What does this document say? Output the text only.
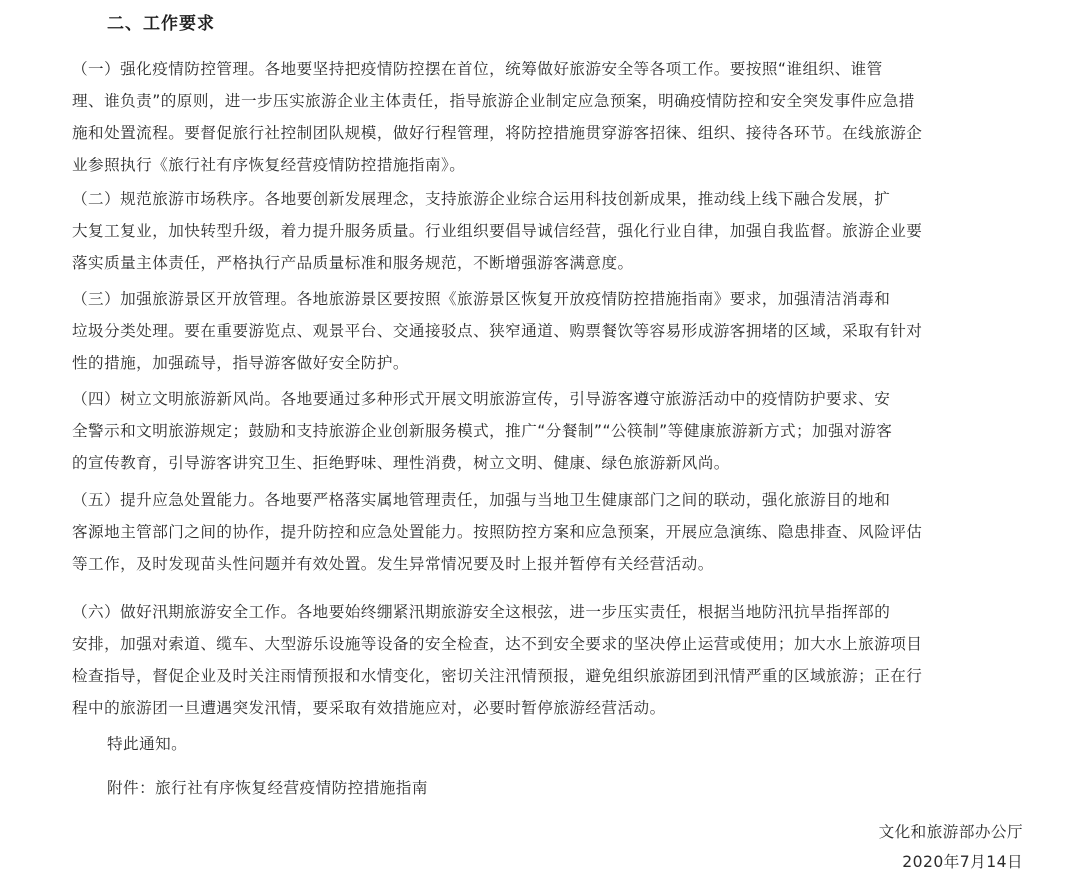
二、工作要求
（一）强化疫情防控管理。各地要坚持把疫情防控摆在首位，统筹做好旅游安全等各项工作。要按照“谁组织、谁管
理、谁负责”的原则，进一步压实旅游企业主体责任，指导旅游企业制定应急预案，明确疫情防控和安全突发事件应急措
施和处置流程。要督促旅行社控制团队规模，做好行程管理，将防控措施贯穿游客招徕、组织、接待各环节。在线旅游企
业参照执行《旅行社有序恢复经营疫情防控措施指南》。
（二）规范旅游市场秩序。各地要创新发展理念，支持旅游企业综合运用科技创新成果，推动线上线下融合发展，扩
大复工复业，加快转型升级，着力提升服务质量。行业组织要倡导诚信经营，强化行业自律，加强自我监督。旅游企业要
落实质量主体责任，严格执行产品质量标准和服务规范，不断增强游客满意度。
（三）加强旅游景区开放管理。各地旅游景区要按照《旅游景区恢复开放疫情防控措施指南》要求，加强清洁消毒和
垃圾分类处理。要在重要游览点、观景平台、交通接驳点、狭窄通道、购票餐饮等容易形成游客拥堵的区域，采取有针对
性的措施，加强疏导，指导游客做好安全防护。
（四）树立文明旅游新风尚。各地要通过多种形式开展文明旅游宣传，引导游客遵守旅游活动中的疫情防护要求、安
全警示和文明旅游规定；鼓励和支持旅游企业创新服务模式，推广“分餐制”“公筷制”等健康旅游新方式；加强对游客
的宣传教育，引导游客讲究卫生、拒绝野味、理性消费，树立文明、健康、绿色旅游新风尚。
（五）提升应急处置能力。各地要严格落实属地管理责任，加强与当地卫生健康部门之间的联动，强化旅游目的地和
客源地主管部门之间的协作，提升防控和应急处置能力。按照防控方案和应急预案，开展应急演练、隐患排查、风险评估
等工作，及时发现苗头性问题并有效处置。发生异常情况要及时上报并暂停有关经营活动。
（六）做好汛期旅游安全工作。各地要始终绷紧汛期旅游安全这根弦，进一步压实责任，根据当地防汛抗旱指挥部的
安排，加强对索道、缆车、大型游乐设施等设备的安全检查，达不到安全要求的坚决停止运营或使用；加大水上旅游项目
检查指导，督促企业及时关注雨情预报和水情变化，密切关注汛情预报，避免组织旅游团到汛情严重的区域旅游；正在行
程中的旅游团一旦遭遇突发汛情，要采取有效措施应对，必要时暂停旅游经营活动。
特此通知。
附件：旅行社有序恢复经营疫情防控措施指南
文化和旅游部办公厅
2020年7月14日
